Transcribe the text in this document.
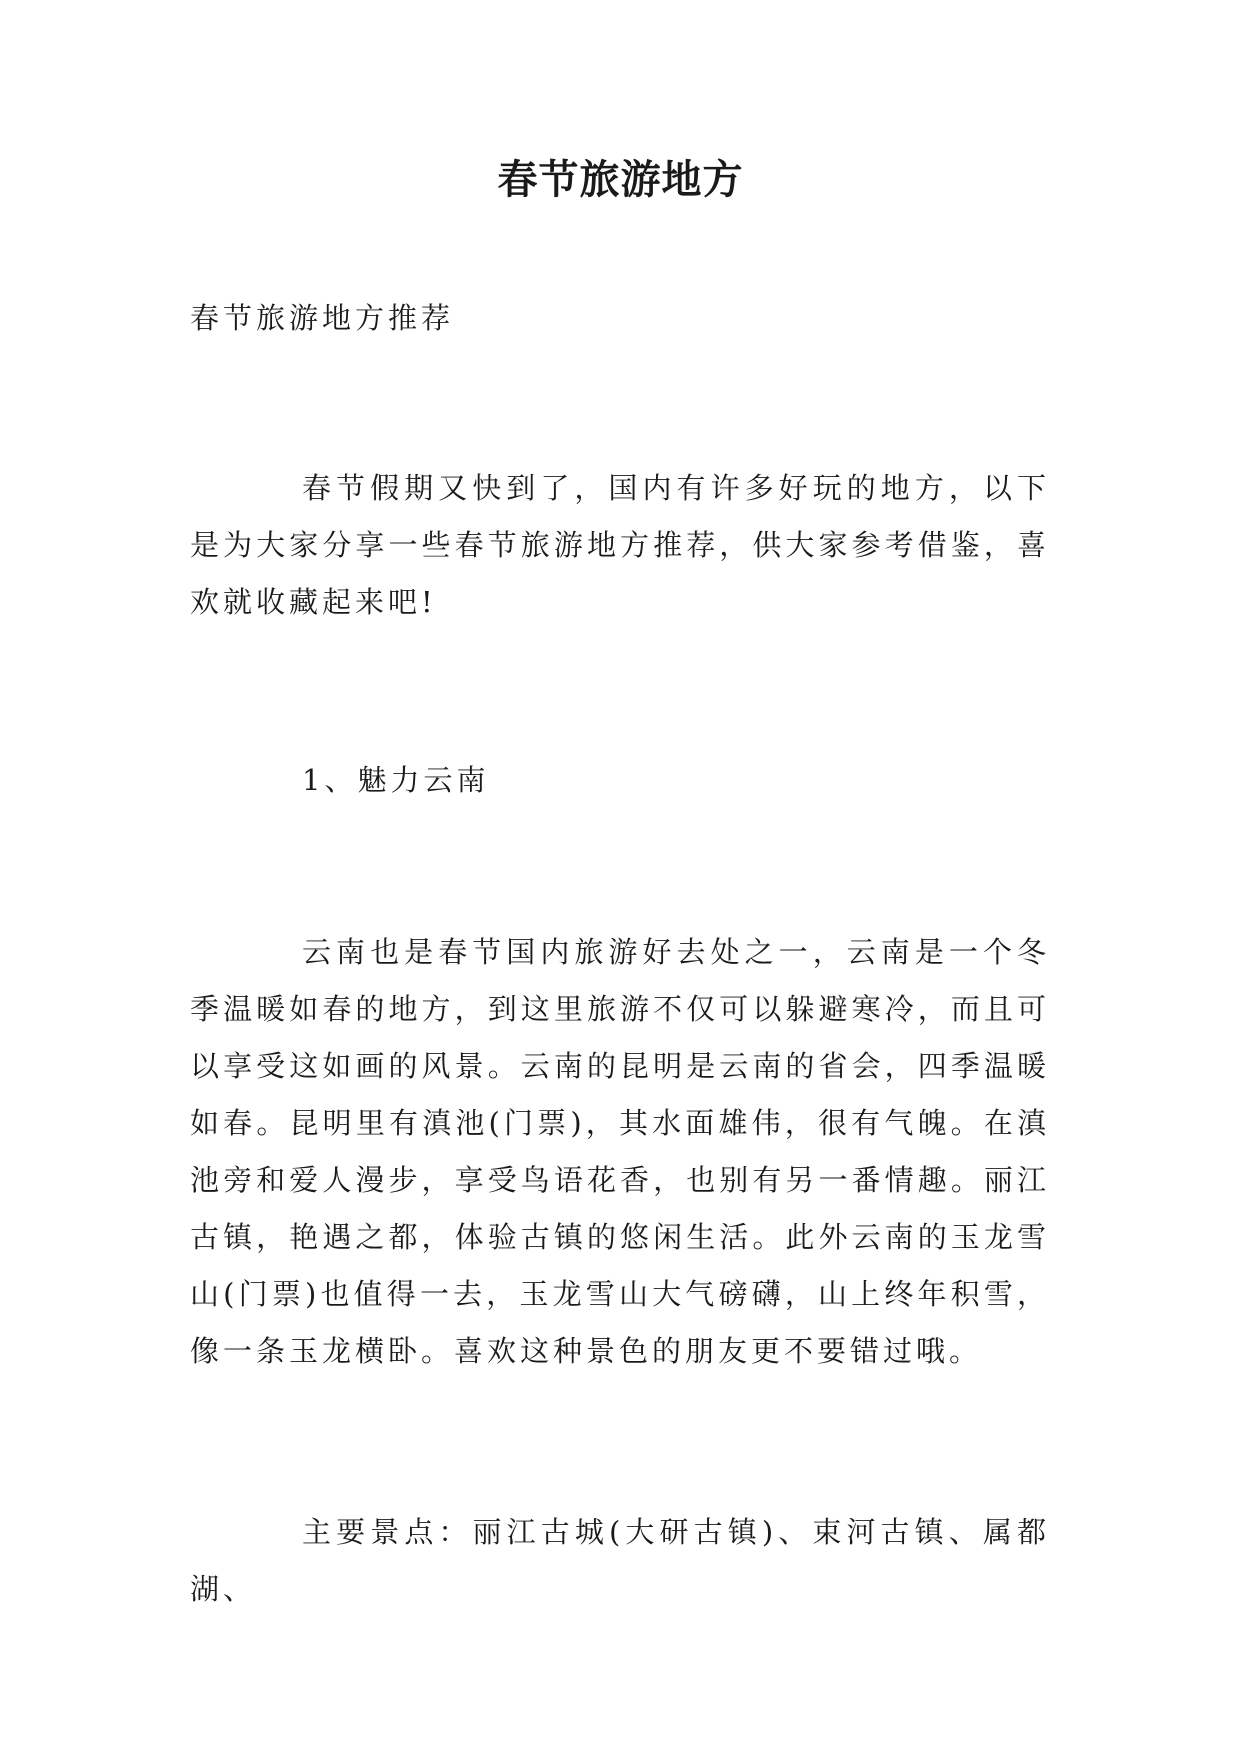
春节旅游地方

春节旅游地方推荐

春节假期又快到了，国内有许多好玩的地方，以下是为大家分享一些春节旅游地方推荐，供大家参考借鉴，喜欢就收藏起来吧!

1、魅力云南

云南也是春节国内旅游好去处之一，云南是一个冬季温暖如春的地方，到这里旅游不仅可以躲避寒冷，而且可以享受这如画的风景。云南的昆明是云南的省会，四季温暖如春。昆明里有滇池(门票)，其水面雄伟，很有气魄。在滇池旁和爱人漫步，享受鸟语花香，也别有另一番情趣。丽江古镇，艳遇之都，体验古镇的悠闲生活。此外云南的玉龙雪山(门票)也值得一去，玉龙雪山大气磅礴，山上终年积雪，像一条玉龙横卧。喜欢这种景色的朋友更不要错过哦。

主要景点：丽江古城(大研古镇)、束河古镇、属都湖、
